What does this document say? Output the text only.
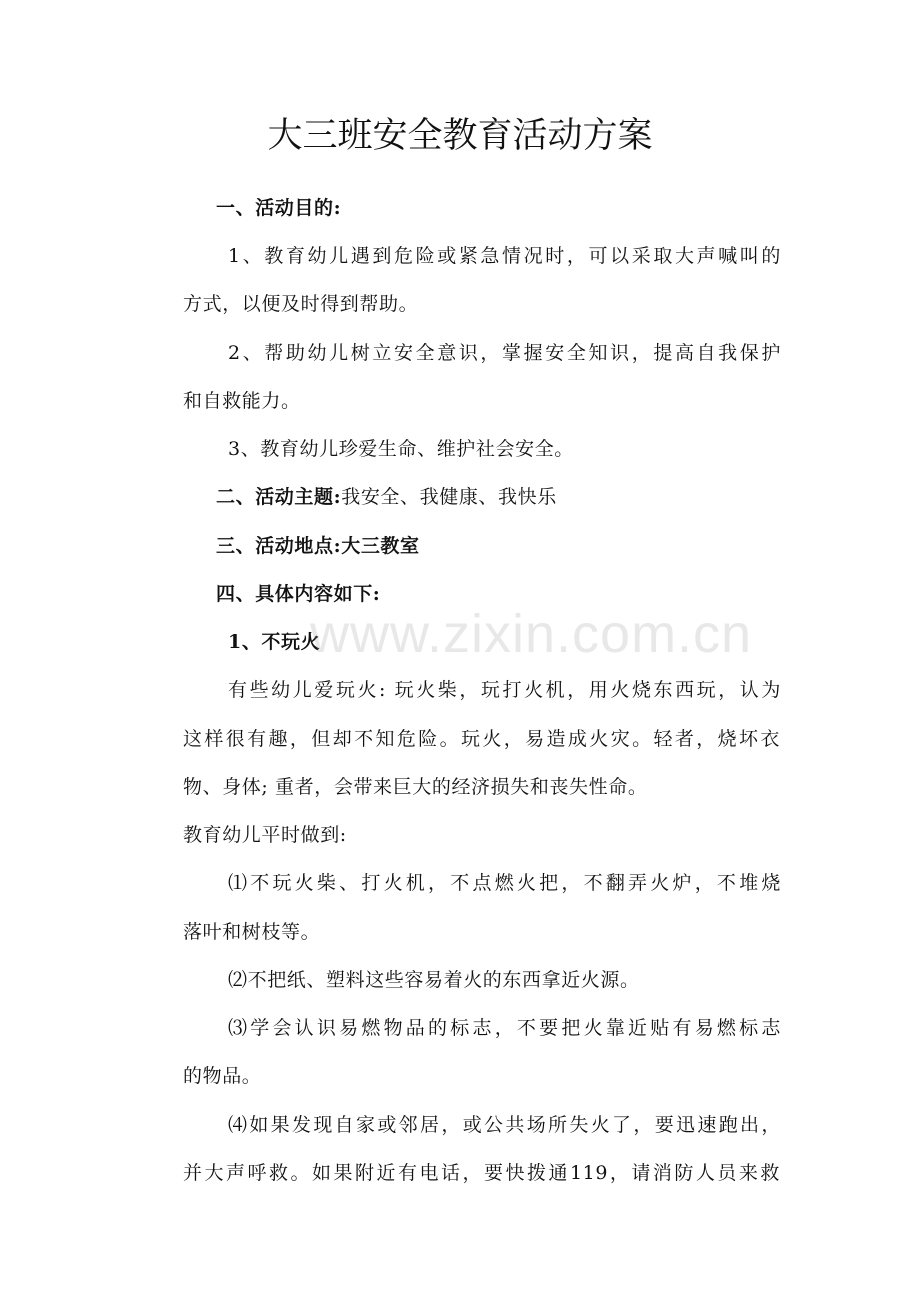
大三班安全教育活动方案
一、活动目的:
1、教育幼儿遇到危险或紧急情况时，可以采取大声喊叫的
方式，以便及时得到帮助。
2、帮助幼儿树立安全意识，掌握安全知识，提高自我保护
和自救能力。
3、教育幼儿珍爱生命、维护社会安全。
二、活动主题:我安全、我健康、我快乐
三、活动地点:大三教室
四、具体内容如下:
1、不玩火
有些幼儿爱玩火: 玩火柴，玩打火机，用火烧东西玩，认为
这样很有趣，但却不知危险。玩火，易造成火灾。轻者，烧坏衣
物、身体; 重者，会带来巨大的经济损失和丧失性命。
教育幼儿平时做到:
⑴不玩火柴、打火机，不点燃火把，不翻弄火炉，不堆烧
落叶和树枝等。
⑵不把纸、塑料这些容易着火的东西拿近火源。
⑶学会认识易燃物品的标志，不要把火靠近贴有易燃标志
的物品。
⑷如果发现自家或邻居，或公共场所失火了，要迅速跑出，
并大声呼救。如果附近有电话，要快拨通119，请消防人员来救
www.zixin.com.cn
